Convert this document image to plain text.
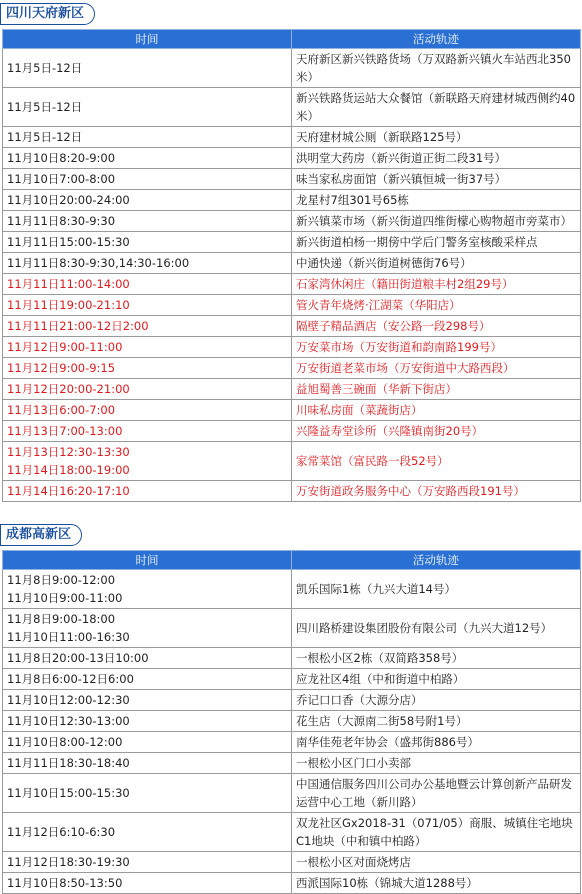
四川天府新区
时间	活动轨迹

11月5日-12日	天府新区新兴铁路货场（万双路新兴镇火车站西北350米）

11月5日-12日	新兴铁路货运站大众餐馆（新联路天府建材城西侧约40米）

11月5日-12日	天府建材城公厕（新联路125号）

11月10日8:20-9:00	洪明堂大药房（新兴街道正街二段31号）

11月10日7:00-8:00	味当家私房面馆（新兴镇恒城一街37号）

11月10日20:00-24:00	龙星村7组301号65栋

11月11日8:30-9:30	新兴镇菜市场（新兴街道四维街檬心购物超市旁菜市）

11月11日15:00-15:30	新兴街道柏杨一期傍中学后门警务室核酸采样点

11月11日8:30-9:30,14:30-16:00	中通快递（新兴街道树德街76号）

11月11日11:00-14:00	石家湾休闲庄（籍田街道粮丰村2组29号）

11月11日19:00-21:10	管火青年烧烤·江湖菜（华阳店）

11月11日21:00-12日2:00	隔壁子精品酒店（安公路一段298号）

11月12日9:00-11:00	万安菜市场（万安街道和韵南路199号）

11月12日9:00-9:15	万安街道老菜市场（万安街道中大路西段）

11月12日20:00-21:00	益旭蜀善三碗面（华新下街店）

11月13日6:00-7:00	川味私房面（菜蔬街店）

11月13日7:00-13:00	兴隆益寿堂诊所（兴隆镇南街20号）

11月13日12:30-13:30
11月14日18:00-19:00	家常菜馆（富民路一段52号）

11月14日16:20-17:10	万安街道政务服务中心（万安路西段191号）
成都高新区
时间	活动轨迹

11月8日9:00-12:00
11月10日9:00-11:00	凯乐国际1栋（九兴大道14号）

11月8日9:00-18:00
11月10日11:00-16:30	四川路桥建设集团股份有限公司（九兴大道12号）

11月8日20:00-13日10:00	一根松小区2栋（双简路358号）

11月8日6:00-12日6:00	应龙社区4组（中和街道中柏路）

11月10日12:00-12:30	乔记口口香（大源分店）

11月10日12:30-13:00	花生店（大源南二街58号附1号）

11月10日8:00-12:00	南华佳苑老年协会（盛邦街886号）

11月11日18:30-18:40	一根松小区门口小卖部

11月10日15:00-15:30	中国通信服务四川公司办公基地暨云计算创新产品研发运营中心工地（新川路）

11月12日6:10-6:30	双龙社区Gx2018-31（071/05）商服、城镇住宅地块C1地块（中和镇中柏路）

11月12日18:30-19:30	一根松小区对面烧烤店

11月10日8:50-13:50	西派国际10栋（锦城大道1288号）
